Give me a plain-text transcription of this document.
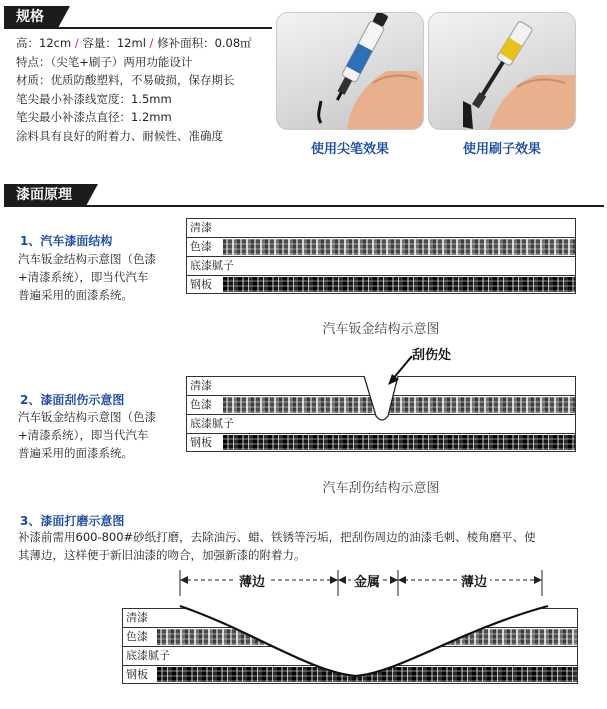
规格
高：12cm / 容量：12ml / 修补面积：0.08㎡
特点：（尖笔+刷子）两用功能设计
材质：优质防酸塑料，不易破损，保存期长
笔尖最小补漆线宽度：1.5mm
笔尖最小补漆点直径：1.2mm
涂料具有良好的附着力、耐候性、准确度
使用尖笔效果	使用刷子效果
漆面原理
1、汽车漆面结构
汽车钣金结构示意图（色漆
+清漆系统），即当代汽车
普遍采用的面漆系统。
清漆
色漆
底漆腻子
钢板
汽车钣金结构示意图
2、漆面刮伤示意图
汽车钣金结构示意图（色漆
+清漆系统），即当代汽车
普遍采用的面漆系统。
清漆
色漆
底漆腻子
钢板
刮伤处
汽车刮伤结构示意图
3、漆面打磨示意图
补漆前需用600-800#砂纸打磨，去除油污、蜡、铁锈等污垢，把刮伤周边的油漆毛刺、棱角磨平、使
其薄边，这样便于新旧油漆的吻合，加强新漆的附着力。
薄边	金属	薄边
清漆
色漆
底漆腻子
钢板
